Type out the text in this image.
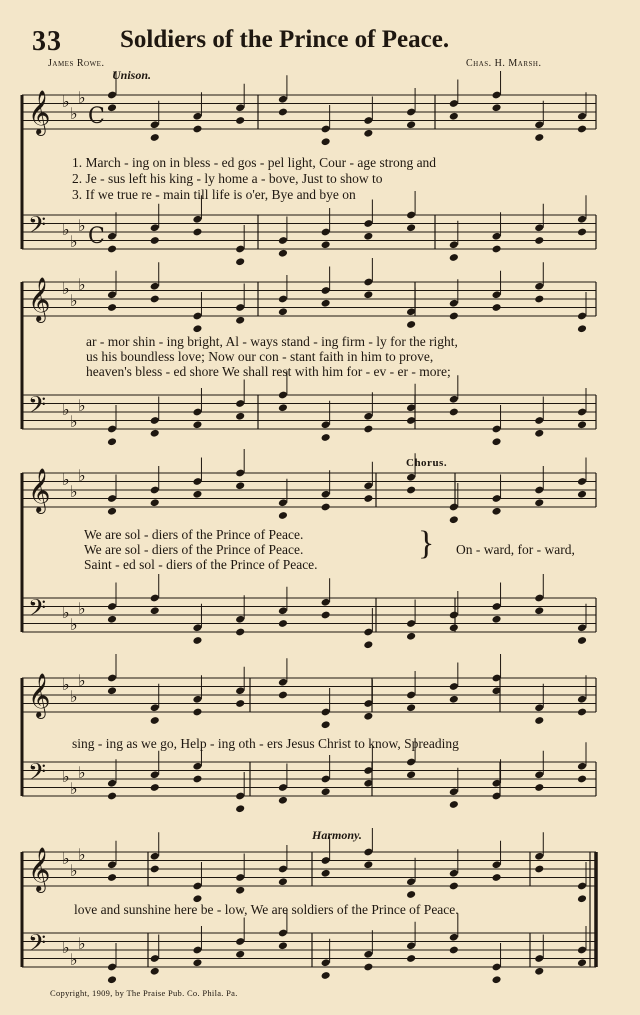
𝄞 ♭
♭
♭
𝄢 ♭
♭
♭
𝄞 ♭
♭
♭
𝄢 ♭
♭
♭
𝄞 ♭
♭
♭
𝄢 ♭
♭
♭
𝄞 ♭
♭
♭
𝄢 ♭
♭
♭
𝄞 ♭
♭
♭
𝄢 ♭
♭
♭
C
C
33 Soldiers of the Prince of Peace.
James Rowe.	Chas. H. Marsh.
Unison.
1. March - ing on in bless - ed gos - pel light, Cour - age strong and
2. Je - sus left his king - ly home a - bove, Just to show to
3. If we true re - main till life is o'er, Bye and bye on
ar - mor shin - ing bright, Al - ways stand - ing firm - ly for the right,
us his boundless love; Now our con - stant faith in him to prove,
heaven's bless - ed shore We shall rest with him for - ev - er - more;
Chorus.
We are sol - diers of the Prince of Peace.
We are sol - diers of the Prince of Peace.
Saint - ed sol - diers of the Prince of Peace.
} On - ward, for - ward,
sing - ing as we go, Help - ing oth - ers Jesus Christ to know, Spreading
Harmony.
love and sunshine here be - low, We are soldiers of the Prince of Peace.
Copyright, 1909, by The Praise Pub. Co. Phila. Pa.
